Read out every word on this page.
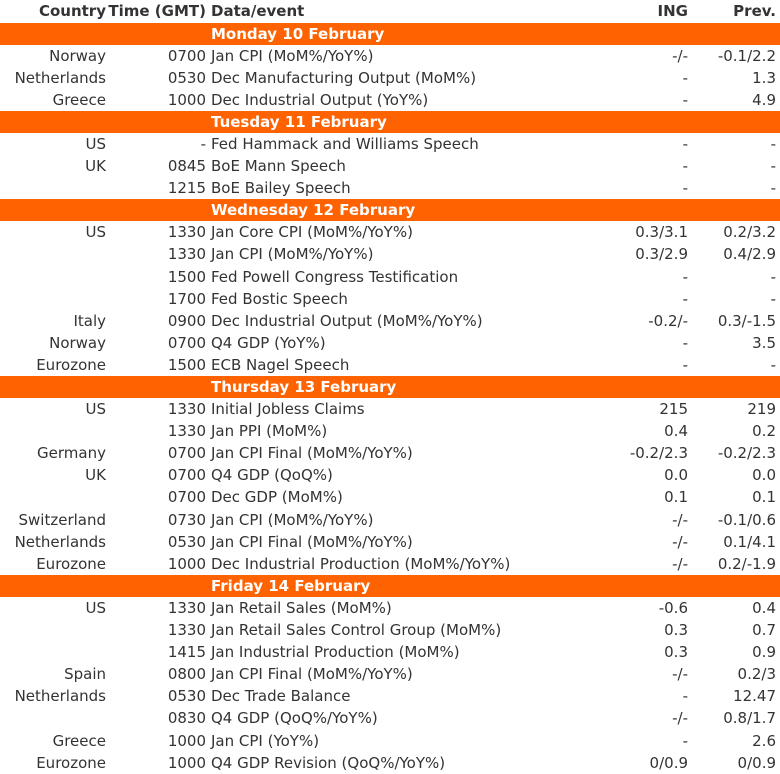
Country Time (GMT) Data/event	ING	Prev.
Monday 10 February
Norway	0700 Jan CPI (MoM%/YoY%)	-/- -0.1/2.2
Netherlands	0530 Dec Manufacturing Output (MoM%)	-	1.3
Greece	1000 Dec Industrial Output (YoY%)	-	4.9
Tuesday 11 February
US	- Fed Hammack and Williams Speech	-	-
UK	0845 BoE Mann Speech	-	-
1215 BoE Bailey Speech	-	-
Wednesday 12 February
US	1330 Jan Core CPI (MoM%/YoY%)	0.3/3.1 0.2/3.2
1330 Jan CPI (MoM%/YoY%)	0.3/2.9 0.4/2.9
1500 Fed Powell Congress Testification	-	-
1700 Fed Bostic Speech	-	-
Italy	0900 Dec Industrial Output (MoM%/YoY%)	-0.2/- 0.3/-1.5
Norway	0700 Q4 GDP (YoY%)	-	3.5
Eurozone	1500 ECB Nagel Speech	-	-
Thursday 13 February
US	1330 Initial Jobless Claims	215	219
1330 Jan PPI (MoM%)	0.4	0.2
Germany	0700 Jan CPI Final (MoM%/YoY%)	-0.2/2.3 -0.2/2.3
UK	0700 Q4 GDP (QoQ%)	0.0	0.0
0700 Dec GDP (MoM%)	0.1	0.1
Switzerland	0730 Jan CPI (MoM%/YoY%)	-/- -0.1/0.6
Netherlands	0530 Jan CPI Final (MoM%/YoY%)	-/- 0.1/4.1
Eurozone	1000 Dec Industrial Production (MoM%/YoY%)	-/- 0.2/-1.9
Friday 14 February
US	1330 Jan Retail Sales (MoM%)	-0.6	0.4
1330 Jan Retail Sales Control Group (MoM%)	0.3	0.7
1415 Jan Industrial Production (MoM%)	0.3	0.9
Spain	0800 Jan CPI Final (MoM%/YoY%)	-/-	0.2/3
Netherlands	0530 Dec Trade Balance	-	12.47
0830 Q4 GDP (QoQ%/YoY%)	-/- 0.8/1.7
Greece	1000 Jan CPI (YoY%)	-	2.6
Eurozone	1000 Q4 GDP Revision (QoQ%/YoY%)	0/0.9	0/0.9
